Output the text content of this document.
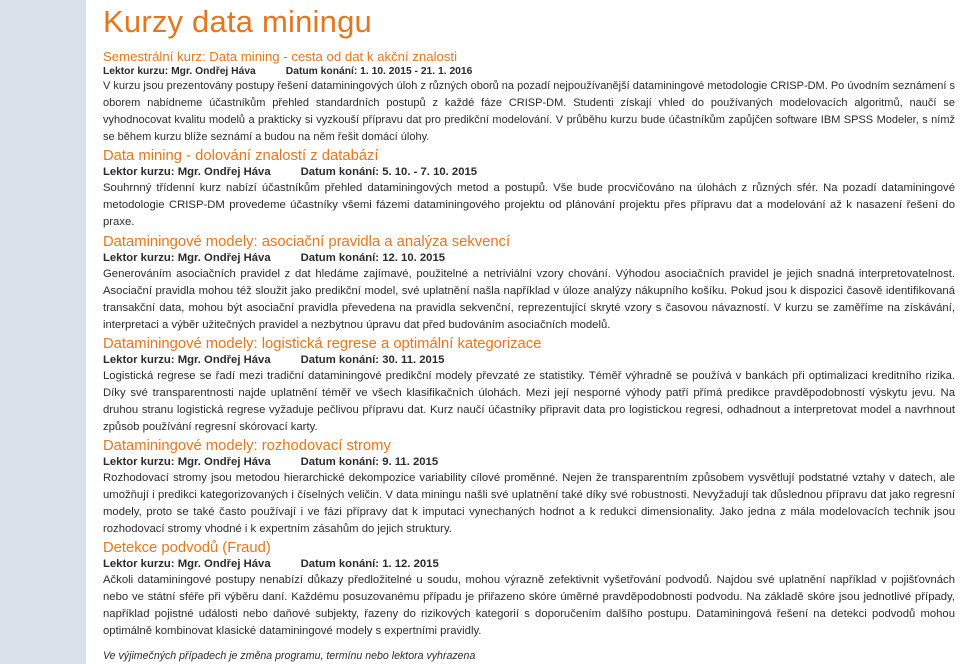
Kurzy data miningu
Semestrální kurz: Data mining - cesta od dat k akční znalosti
Lektor kurzu: Mgr. Ondřej Háva	Datum konání: 1. 10. 2015 - 21. 1. 2016

V kurzu jsou prezentovány postupy řešení dataminingových úloh z různých oborů na pozadí nejpoužívanější dataminingové metodologie CRISP-DM. Po úvodním seznámení s oborem nabídneme účastníkům přehled standardních postupů z každé fáze CRISP-DM. Studenti získají vhled do používaných modelovacích algoritmů, naučí se vyhodnocovat kvalitu modelů a prakticky si vyzkouší přípravu dat pro predikční modelování. V průběhu kurzu bude účastníkům zapůjčen software IBM SPSS Modeler, s nímž se během kurzu blíže seznámí a budou na něm řešit domácí úlohy.

Data mining - dolování znalostí z databází
Lektor kurzu: Mgr. Ondřej Háva	Datum konání: 5. 10. - 7. 10. 2015

Souhrnný třídenní kurz nabízí účastníkům přehled dataminingových metod a postupů. Vše bude procvičováno na úlohách z různých sfér. Na pozadí dataminingové metodologie CRISP-DM provedeme účastníky všemi fázemi dataminingového projektu od plánování projektu přes přípravu dat a modelování až k nasazení řešení do praxe.

Dataminingové modely: asociační pravidla a analýza sekvencí
Lektor kurzu: Mgr. Ondřej Háva	Datum konání: 12. 10. 2015

Generováním asociačních pravidel z dat hledáme zajímavé, použitelné a netriviální vzory chování. Výhodou asociačních pravidel je jejich snadná interpretovatelnost. Asociační pravidla mohou též sloužit jako predikční model, své uplatnění našla například v úloze analýzy nákupního košíku. Pokud jsou k dispozici časově identifikovaná transakční data, mohou být asociační pravidla převedena na pravidla sekvenční, reprezentující skryté vzory s časovou návazností. V kurzu se zaměříme na získávání, interpretaci a výběr užitečných pravidel a nezbytnou úpravu dat před budováním asociačních modelů.

Dataminingové modely: logistická regrese a optimální kategorizace
Lektor kurzu: Mgr. Ondřej Háva	Datum konání: 30. 11. 2015

Logistická regrese se řadí mezi tradiční dataminingové predikční modely převzaté ze statistiky. Téměř výhradně se používá v bankách při optimalizaci kreditního rizika. Díky své transparentnosti najde uplatnění téměř ve všech klasifikačních úlohách. Mezi její nesporné výhody patří přímá predikce pravděpodobností výskytu jevu. Na druhou stranu logistická regrese vyžaduje pečlivou přípravu dat. Kurz naučí účastníky připravit data pro logistickou regresi, odhadnout a interpretovat model a navrhnout způsob používání regresní skórovací karty.

Dataminingové modely: rozhodovací stromy
Lektor kurzu: Mgr. Ondřej Háva	Datum konání: 9. 11. 2015

Rozhodovací stromy jsou metodou hierarchické dekompozice variability cílové proměnné. Nejen že transparentním způsobem vysvětlují podstatné vztahy v datech, ale umožňují i predikci kategorizovaných i číselných veličin. V data miningu našli své uplatnění také díky své robustnosti. Nevyžadují tak důslednou přípravu dat jako regresní modely, proto se také často používají i ve fázi přípravy dat k imputaci vynechaných hodnot a k redukci dimensionality. Jako jedna z mála modelovacích technik jsou rozhodovací stromy vhodné i k expertním zásahům do jejich struktury.

Detekce podvodů (Fraud)
Lektor kurzu: Mgr. Ondřej Háva	Datum konání: 1. 12. 2015

Ačkoli dataminingové postupy nenabízí důkazy předložitelné u soudu, mohou výrazně zefektivnit vyšetřování podvodů. Najdou své uplatnění například v pojišťovnách nebo ve státní sféře při výběru daní. Každému posuzovanému případu je přiřazeno skóre úměrné pravděpodobnosti podvodu. Na základě skóre jsou jednotlivé případy, například pojistné události nebo daňové subjekty, řazeny do rizikových kategorií s doporučením dalšího postupu. Dataminingová řešení na detekci podvodů mohou optimálně kombinovat klasické dataminingové modely s expertními pravidly.

Ve výjimečných případech je změna programu, termínu nebo lektora vyhrazena
